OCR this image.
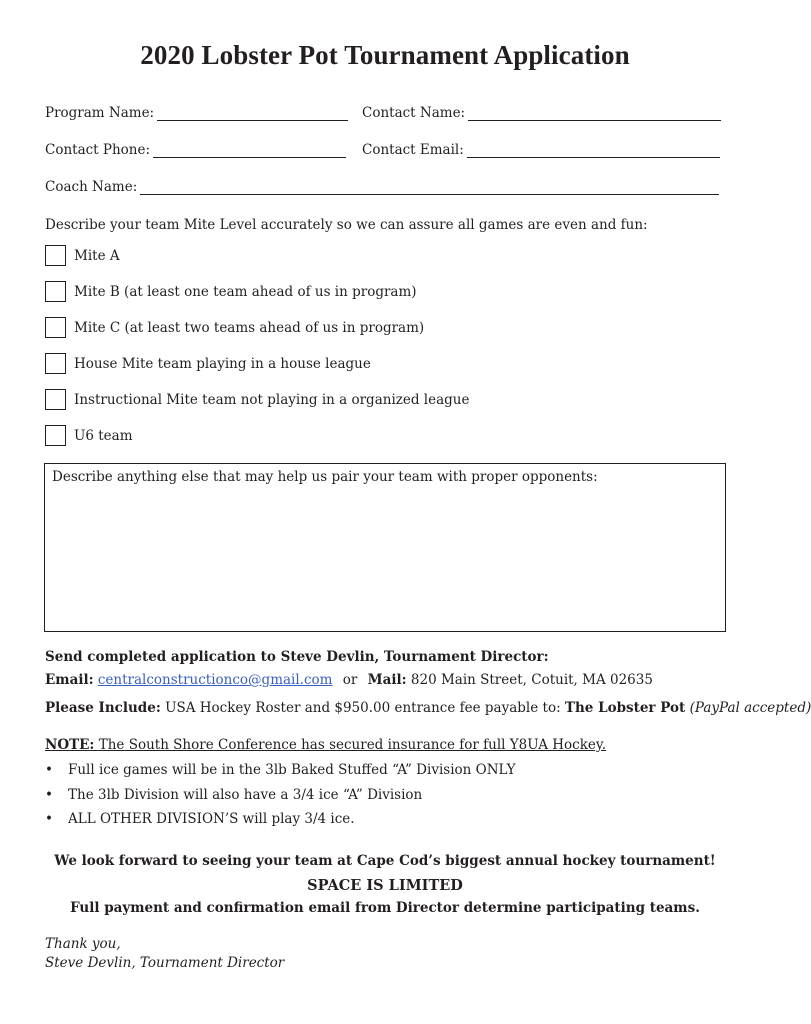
2020 Lobster Pot Tournament Application
Program Name:	Contact Name:
Contact Phone:	Contact Email:
Coach Name:
Describe your team Mite Level accurately so we can assure all games are even and fun:
Mite A
Mite B (at least one team ahead of us in program)
Mite C (at least two teams ahead of us in program)
House Mite team playing in a house league
Instructional Mite team not playing in a organized league
U6 team
Describe anything else that may help us pair your team with proper opponents:
Send completed application to Steve Devlin, Tournament Director:
Email: centralconstructionco@gmail.com or Mail: 820 Main Street, Cotuit, MA 02635
Please Include: USA Hockey Roster and $950.00 entrance fee payable to: The Lobster Pot (PayPal accepted)
NOTE: The South Shore Conference has secured insurance for full Y8UA Hockey.
•	Full ice games will be in the 3lb Baked Stuffed “A” Division ONLY
•	The 3lb Division will also have a 3/4 ice “A” Division
•	ALL OTHER DIVISION’S will play 3/4 ice.
We look forward to seeing your team at Cape Cod’s biggest annual hockey tournament!
SPACE IS LIMITED
Full payment and confirmation email from Director determine participating teams.
Thank you,
Steve Devlin, Tournament Director
